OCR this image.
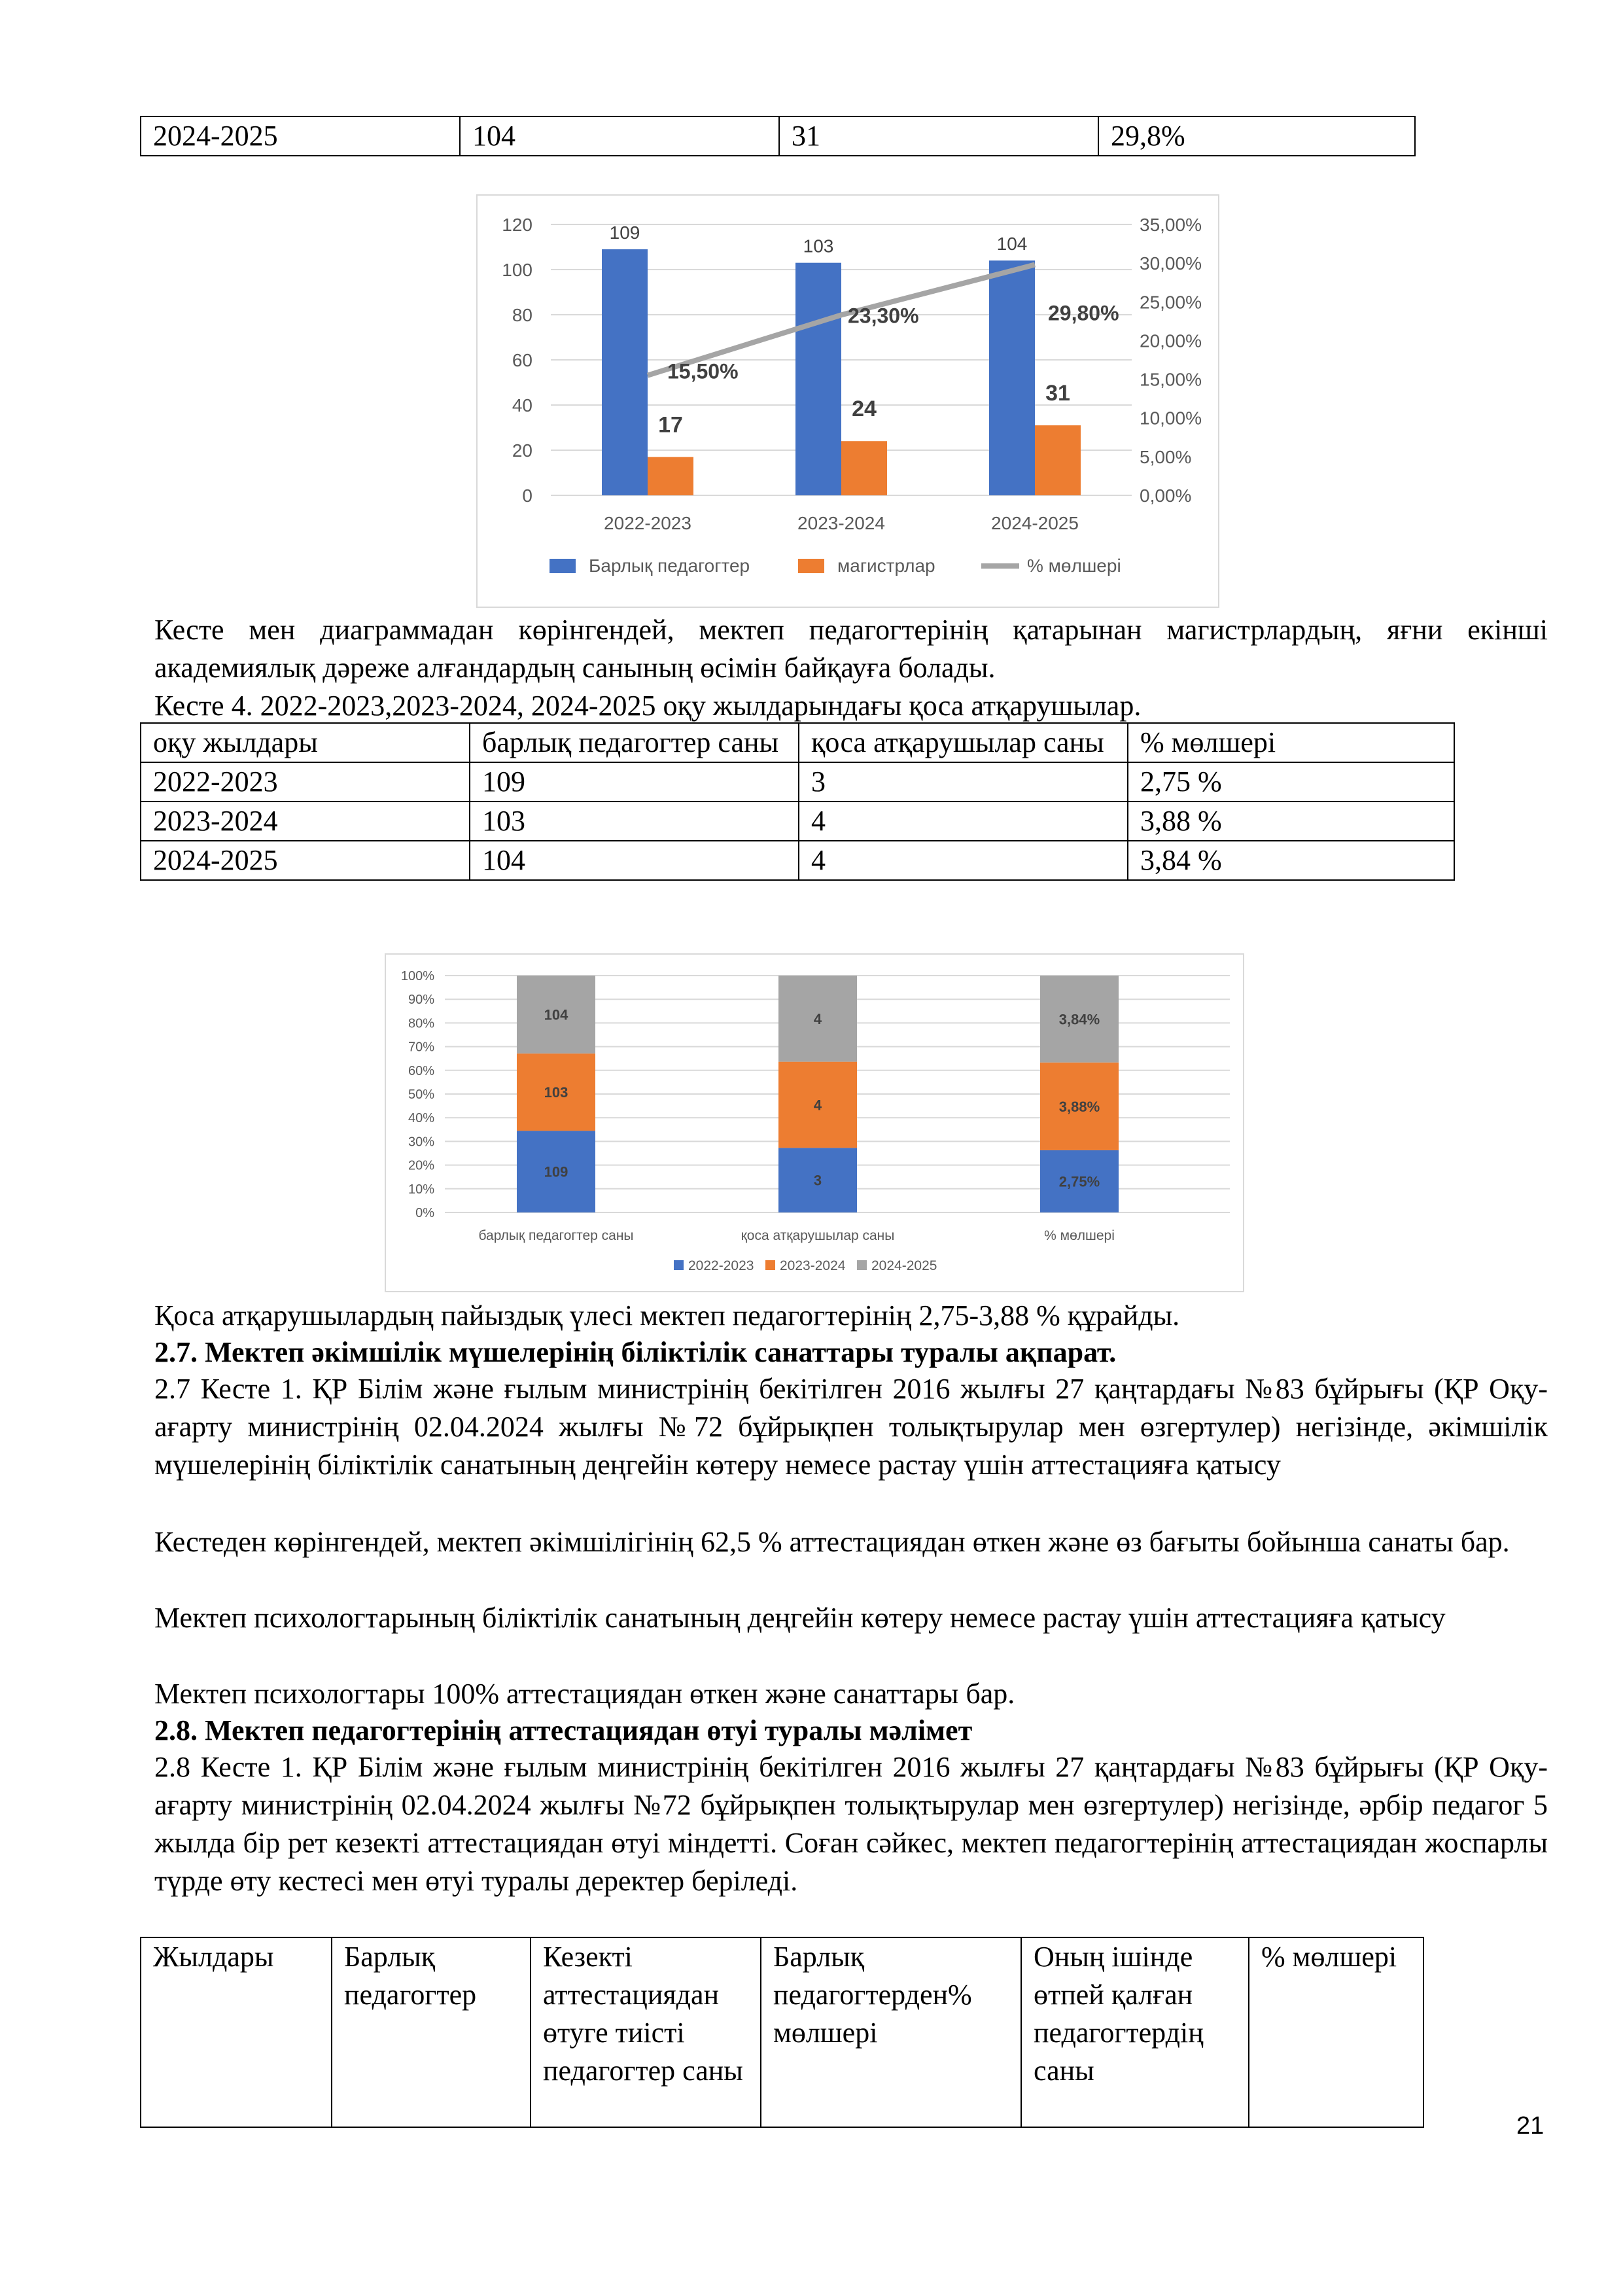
2024-2025	104	31	29,8%
0
20
40
60
80
100
120
0,00%
5,00%
10,00%
15,00%
20,00%
25,00%
30,00%
35,00%
109
17
2022-2023
103
24
2023-2024
104
31
2024-2025
15,50%
23,30%	29,80%
Барлық педагогтер	магистрлар	% мөлшері
Кесте мен диаграммадан көрінгендей, мектеп педагогтерінің қатарынан магистрлардың, яғни екінші академиялық дәреже алғандардың санының өсімін байқауға болады.
Кесте 4. 2022-2023,2023-2024, 2024-2025 оқу жылдарындағы қоса атқарушылар.
оқу жылдары	барлық педагогтер саны	қоса атқарушылар саны	% мөлшері
2022-2023	109	3	2,75 %
2023-2024	103	4	3,88 %
2024-2025	104	4	3,84 %
0%
10%
20%
30%
40%
50%
60%
70%
80%
90%
100%
109
103
104
барлық педагогтер саны
3
4
4
қоса атқарушылар саны
2,75%
3,88%
3,84%
% мөлшері
2022-2023 2023-2024 2024-2025
Қоса атқарушылардың пайыздық үлесі мектеп педагогтерінің 2,75-3,88 % құрайды.
2.7. Мектеп әкімшілік мүшелерінің біліктілік санаттары туралы ақпарат.
2.7 Кесте 1. ҚР Білім және ғылым министрінің бекітілген 2016 жылғы 27 қаңтардағы №83 бұйрығы (ҚР Оқу-ағарту министрінің 02.04.2024 жылғы №72 бұйрықпен толықтырулар мен өзгертулер) негізінде, әкімшілік мүшелерінің біліктілік санатының деңгейін көтеру немесе растау үшін аттестацияға қатысу
Кестеден көрінгендей, мектеп әкімшілігінің 62,5 % аттестациядан өткен және өз бағыты бойынша санаты бар.
Мектеп психологтарының біліктілік санатының деңгейін көтеру немесе растау үшін аттестацияға қатысу
Мектеп психологтары 100% аттестациядан өткен және санаттары бар.
2.8. Мектеп педагогтерінің аттестациядан өтуі туралы мәлімет
2.8 Кесте 1. ҚР Білім және ғылым министрінің бекітілген 2016 жылғы 27 қаңтардағы №83 бұйрығы (ҚР Оқу-ағарту министрінің 02.04.2024 жылғы №72 бұйрықпен толықтырулар мен өзгертулер) негізінде, әрбір педагог 5 жылда бір рет кезекті аттестациядан өтуі міндетті. Соған сәйкес, мектеп педагогтерінің аттестациядан жоспарлы түрде өту кестесі мен өтуі туралы деректер беріледі.
Жылдары	Барлық педагогтер	Кезекті аттестациядан өтуге тиісті педагогтер саны	Барлық педагогтерден% мөлшері	Оның ішінде өтпей қалған педагогтердің саны	% мөлшері
21
